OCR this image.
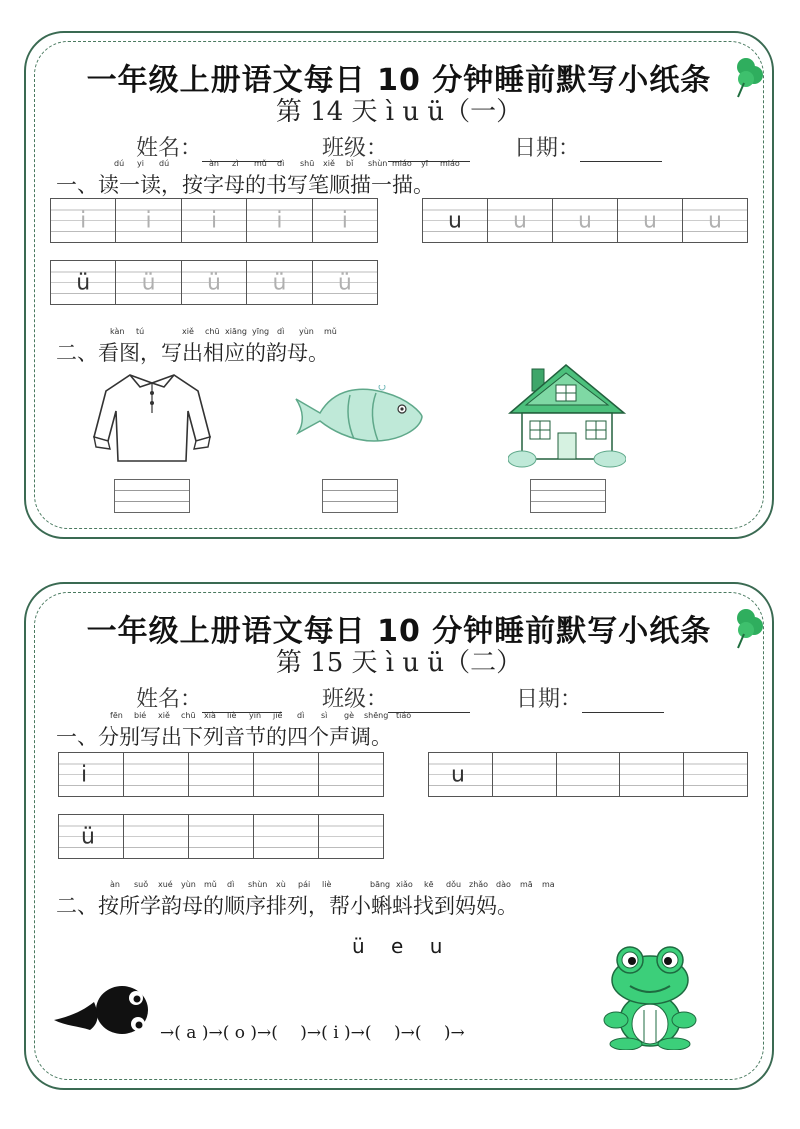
一年级上册语文每日 10 分钟睡前默写小纸条
第 14 天 ì u ü（一）
姓名：	班级：	日期：
dú yi dú	àn zì mǔ dì shū xiě bǐ shùn miáo yī miáo
一、读一读，按字母的书写笔顺描一描。
i	i	i	i	i	u	u	u	u	u
ü	ü	ü	ü	ü
kàn tú	xiě chū xiāng yīng dì yùn mǔ
二、看图，写出相应的韵母。
一年级上册语文每日 10 分钟睡前默写小纸条
第 15 天 ì u ü（二）
姓名：	班级：	日期：
fēn bié xiě chū xià liè yīn jié dì sì gè shēng tiáo
一、分别写出下列音节的四个声调。
i	u
ü
àn suǒ xué yùn mǔ dì shùn xù pái liè	bāng xiǎo kē dǒu zhǎo dào mā ma
二、按所学韵母的顺序排列，帮小蝌蚪找到妈妈。
ü e u
→( a )→( o )→(　 )→( i )→(　 )→(　 )→
